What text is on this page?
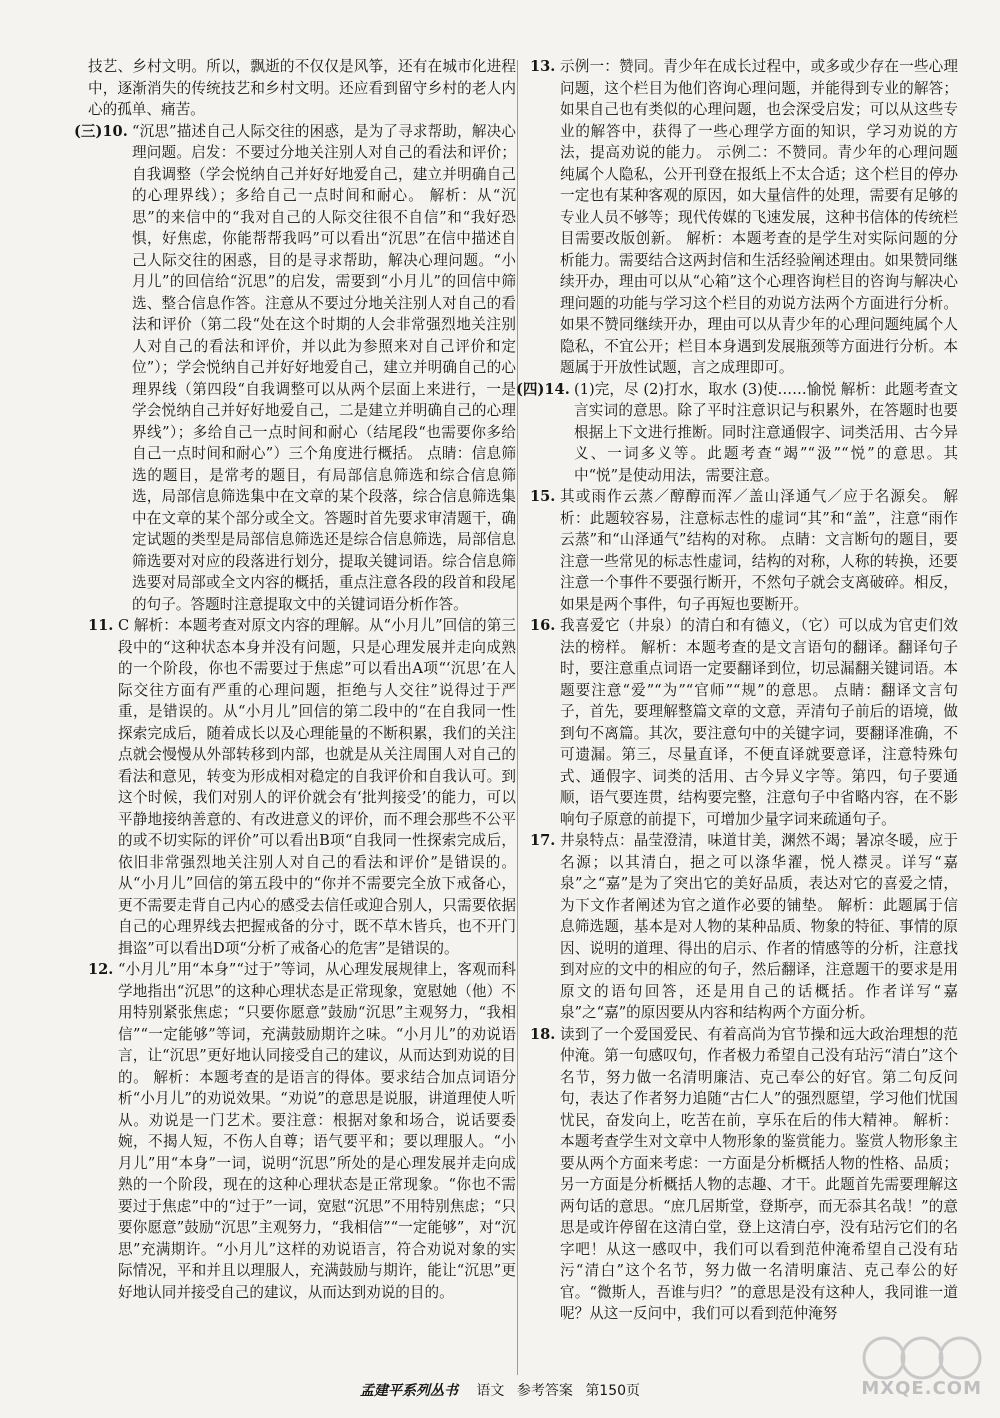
技艺、乡村文明。所以，飘逝的不仅仅是风筝，还有在城市化进程中，逐渐消失的传统技艺和乡村文明。还应看到留守乡村的老人内心的孤单、痛苦。
(三)10. “沉思”描述自己人际交往的困惑，是为了寻求帮助，解决心理问题。启发：不要过分地关注别人对自己的看法和评价；自我调整（学会悦纳自己并好好地爱自己，建立并明确自己的心理界线）；多给自己一点时间和耐心。 解析：从“沉思”的来信中的“我对自己的人际交往很不自信”和“我好恐惧，好焦虑，你能帮帮我吗”可以看出“沉思”在信中描述自己人际交往的困惑，目的是寻求帮助，解决心理问题。“小月儿”的回信给“沉思”的启发，需要到“小月儿”的回信中筛选、整合信息作答。注意从不要过分地关注别人对自己的看法和评价（第二段“处在这个时期的人会非常强烈地关注别人对自己的看法和评价，并以此为参照来对自己评价和定位”）；学会悦纳自己并好好地爱自己，建立并明确自己的心理界线（第四段“自我调整可以从两个层面上来进行，一是学会悦纳自己并好好地爱自己，二是建立并明确自己的心理界线”）；多给自己一点时间和耐心（结尾段“也需要你多给自己一点时间和耐心”）三个角度进行概括。 点睛：信息筛选的题目，是常考的题目，有局部信息筛选和综合信息筛选，局部信息筛选集中在文章的某个段落，综合信息筛选集中在文章的某个部分或全文。答题时首先要求审清题干，确定试题的类型是局部信息筛选还是综合信息筛选，局部信息筛选要对对应的段落进行划分，提取关键词语。综合信息筛选要对局部或全文内容的概括，重点注意各段的段首和段尾的句子。答题时注意提取文中的关键词语分析作答。
11. C 解析：本题考查对原文内容的理解。从“小月儿”回信的第三段中的“这种状态本身并没有问题，只是心理发展并走向成熟的一个阶段，你也不需要过于焦虑”可以看出A项“‘沉思’在人际交往方面有严重的心理问题，拒绝与人交往”说得过于严重，是错误的。从“小月儿”回信的第二段中的“在自我同一性探索完成后，随着成长以及心理能量的不断积累，我们的关注点就会慢慢从外部转移到内部，也就是从关注周围人对自己的看法和意见，转变为形成相对稳定的自我评价和自我认可。到这个时候，我们对别人的评价就会有‘批判接受’的能力，可以平静地接纳善意的、有改进意义的评价，而不理会那些不公平的或不切实际的评价”可以看出B项“自我同一性探索完成后，依旧非常强烈地关注别人对自己的看法和评价”是错误的。从“小月儿”回信的第五段中的“你并不需要完全放下戒备心，更不需要走背自己内心的感受去信任或迎合别人，只需要依据自己的心理界线去把握戒备的分寸，既不草木皆兵，也不开门揖盗”可以看出D项“分析了戒备心的危害”是错误的。
12. “小月儿”用“本身”“过于”等词，从心理发展规律上，客观而科学地指出“沉思”的这种心理状态是正常现象，宽慰她（他）不用特别紧张焦虑；“只要你愿意”鼓励“沉思”主观努力，“我相信”“一定能够”等词，充满鼓励期许之味。“小月儿”的劝说语言，让“沉思”更好地认同接受自己的建议，从而达到劝说的目的。 解析：本题考查的是语言的得体。要求结合加点词语分析“小月儿”的劝说效果。“劝说”的意思是说服，讲道理使人听从。劝说是一门艺术。要注意：根据对象和场合，说话要委婉，不揭人短，不伤人自尊；语气要平和；要以理服人。“小月儿”用“本身”一词，说明“沉思”所处的是心理发展并走向成熟的一个阶段，现在的这种心理状态是正常现象。“你也不需要过于焦虑”中的“过于”一词，宽慰“沉思”不用特别焦虑；“只要你愿意”鼓励“沉思”主观努力，“我相信”“一定能够”，对“沉思”充满期许。“小月儿”这样的劝说语言，符合劝说对象的实际情况，平和并且以理服人，充满鼓励与期许，能让“沉思”更好地认同并接受自己的建议，从而达到劝说的目的。
13. 示例一：赞同。青少年在成长过程中，或多或少存在一些心理问题，这个栏目为他们咨询心理问题，并能得到专业的解答；如果自己也有类似的心理问题，也会深受启发；可以从这些专业的解答中，获得了一些心理学方面的知识，学习劝说的方法，提高劝说的能力。 示例二：不赞同。青少年的心理问题纯属个人隐私，公开刊登在报纸上不太合适；这个栏目的停办一定也有某种客观的原因，如大量信件的处理，需要有足够的专业人员不够等；现代传媒的飞速发展，这种书信体的传统栏目需要改版创新。 解析：本题考查的是学生对实际问题的分析能力。需要结合这两封信和生活经验阐述理由。如果赞同继续开办，理由可以从“心箱”这个心理咨询栏目的咨询与解决心理问题的功能与学习这个栏目的劝说方法两个方面进行分析。如果不赞同继续开办，理由可以从青少年的心理问题纯属个人隐私，不宜公开；栏目本身遇到发展瓶颈等方面进行分析。本题属于开放性试题，言之成理即可。
(四)14. (1)完，尽 (2)打水，取水 (3)使……愉悦 解析：此题考查文言实词的意思。除了平时注意识记与积累外，在答题时也要根据上下文进行推断。同时注意通假字、词类活用、古今异义、一词多义等。此题考查“竭”“汲”“悦”的意思。其中“悦”是使动用法，需要注意。
15. 其或雨作云蒸／醇醇而浑／盖山泽通气／应于名源矣。 解析：此题较容易，注意标志性的虚词“其”和“盖”，注意“雨作云蒸”和“山泽通气”结构的对称。 点睛：文言断句的题目，要注意一些常见的标志性虚词，结构的对称，人称的转换，还要注意一个事件不要强行断开，不然句子就会支离破碎。相反，如果是两个事件，句子再短也要断开。
16. 我喜爱它（井泉）的清白和有德义，（它）可以成为官吏们效法的榜样。 解析：本题考查的是文言语句的翻译。翻译句子时，要注意重点词语一定要翻译到位，切忌漏翻关键词语。本题要注意“爱”“为”“官师”“规”的意思。 点睛：翻译文言句子，首先，要理解整篇文章的文意，弄清句子前后的语境，做到句不离篇。其次，要注意句中的关键字词，要翻译准确，不可遗漏。第三，尽量直译，不便直译就要意译，注意特殊句式、通假字、词类的活用、古今异义字等。第四，句子要通顺，语气要连贯，结构要完整，注意句子中省略内容，在不影响句子原意的前提下，可增加少量字词来疏通句子。
17. 井泉特点：晶莹澄清，味道甘美，渊然不竭；暑凉冬暖，应于名源；以其清白，挹之可以涤华濯，悦人襟灵。详写“嘉泉”之“嘉”是为了突出它的美好品质，表达对它的喜爱之情，为下文作者阐述为官之道作必要的铺垫。 解析：此题属于信息筛选题，基本是对人物的某种品质、物象的特征、事情的原因、说明的道理、得出的启示、作者的情感等的分析，注意找到对应的文中的相应的句子，然后翻译，注意题干的要求是用原文的语句回答，还是用自己的话概括。作者详写“嘉泉”之“嘉”的原因要从内容和结构两个方面分析。
18. 读到了一个爱国爱民、有着高尚为官节操和远大政治理想的范仲淹。第一句感叹句，作者极力希望自己没有玷污“清白”这个名节，努力做一名清明廉洁、克己奉公的好官。第二句反问句，表达了作者努力追随“古仁人”的强烈愿望，学习他们忧国忧民，奋发向上，吃苦在前，享乐在后的伟大精神。 解析：本题考查学生对文章中人物形象的鉴赏能力。鉴赏人物形象主要从两个方面来考虑：一方面是分析概括人物的性格、品质；另一方面是分析概括人物的志趣、才干。此题首先需要理解这两句话的意思。“庶几居斯堂，登斯亭，而无忝其名哉！”的意思是或许停留在这清白堂，登上这清白亭，没有玷污它们的名字吧！从这一感叹中，我们可以看到范仲淹希望自己没有玷污“清白”这个名节，努力做一名清明廉洁、克己奉公的好官。“微斯人，吾谁与归？”的意思是没有这种人，我同谁一道呢？从这一反问中，我们可以看到范仲淹努
孟建平系列丛书 语文 参考答案 第150页	MXQE.COM
